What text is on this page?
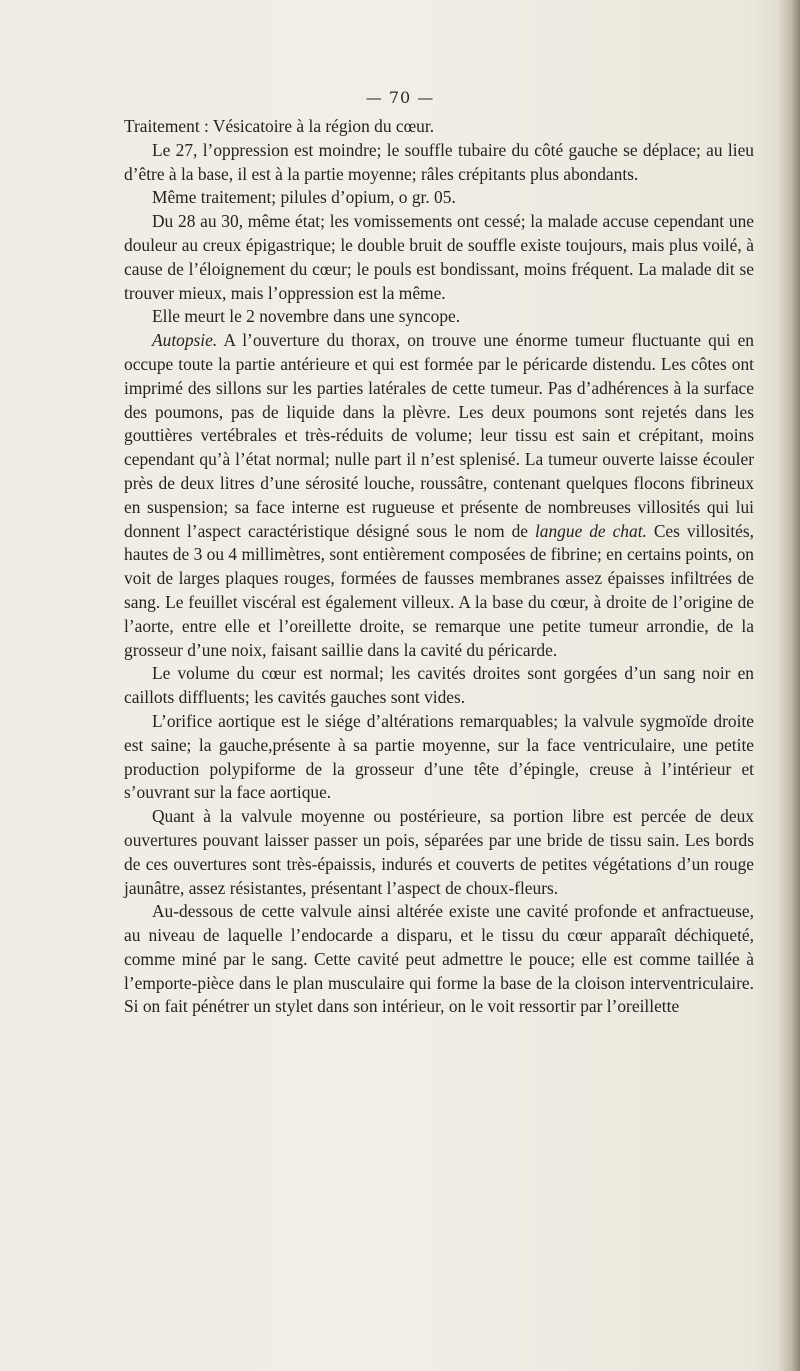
— 70 —

Traitement : Vésicatoire à la région du cœur.

Le 27, l’oppression est moindre; le souffle tubaire du côté gauche se déplace; au lieu d’être à la base, il est à la partie moyenne; râles crépitants plus abondants.

Même traitement; pilules d’opium, o gr. 05.

Du 28 au 30, même état; les vomissements ont cessé; la malade accuse cependant une douleur au creux épigastrique; le double bruit de souffle existe toujours, mais plus voilé, à cause de l’éloignement du cœur; le pouls est bondissant, moins fréquent. La malade dit se trouver mieux, mais l’oppression est la même.

Elle meurt le 2 novembre dans une syncope.

Autopsie. A l’ouverture du thorax, on trouve une énorme tumeur fluctuante qui en occupe toute la partie antérieure et qui est formée par le péricarde distendu. Les côtes ont imprimé des sillons sur les parties latérales de cette tumeur. Pas d’adhérences à la surface des poumons, pas de liquide dans la plèvre. Les deux poumons sont rejetés dans les gouttières vertébrales et très-réduits de volume; leur tissu est sain et crépitant, moins cependant qu’à l’état normal; nulle part il n’est splenisé. La tumeur ouverte laisse écouler près de deux litres d’une sérosité louche, roussâtre, contenant quelques flocons fibrineux en suspension; sa face interne est rugueuse et présente de nombreuses villosités qui lui donnent l’aspect caractéristique désigné sous le nom de langue de chat. Ces villosités, hautes de 3 ou 4 millimètres, sont entièrement composées de fibrine; en certains points, on voit de larges plaques rouges, formées de fausses membranes assez épaisses infiltrées de sang. Le feuillet viscéral est également villeux. A la base du cœur, à droite de l’origine de l’aorte, entre elle et l’oreillette droite, se remarque une petite tumeur arrondie, de la grosseur d’une noix, faisant saillie dans la cavité du péricarde.

Le volume du cœur est normal; les cavités droites sont gorgées d’un sang noir en caillots diffluents; les cavités gauches sont vides.

L’orifice aortique est le siége d’altérations remarquables; la valvule sygmoïde droite est saine; la gauche,présente à sa partie moyenne, sur la face ventriculaire, une petite production polypiforme de la grosseur d’une tête d’épingle, creuse à l’intérieur et s’ouvrant sur la face aortique.

Quant à la valvule moyenne ou postérieure, sa portion libre est percée de deux ouvertures pouvant laisser passer un pois, séparées par une bride de tissu sain. Les bords de ces ouvertures sont très-épaissis, indurés et couverts de petites végétations d’un rouge jaunâtre, assez résistantes, présentant l’aspect de choux-fleurs.

Au-dessous de cette valvule ainsi altérée existe une cavité profonde et anfractueuse, au niveau de laquelle l’endocarde a disparu, et le tissu du cœur apparaît déchiqueté, comme miné par le sang. Cette cavité peut admettre le pouce; elle est comme taillée à l’emporte-pièce dans le plan musculaire qui forme la base de la cloison interventriculaire. Si on fait pénétrer un stylet dans son intérieur, on le voit ressortir par l’oreillette
